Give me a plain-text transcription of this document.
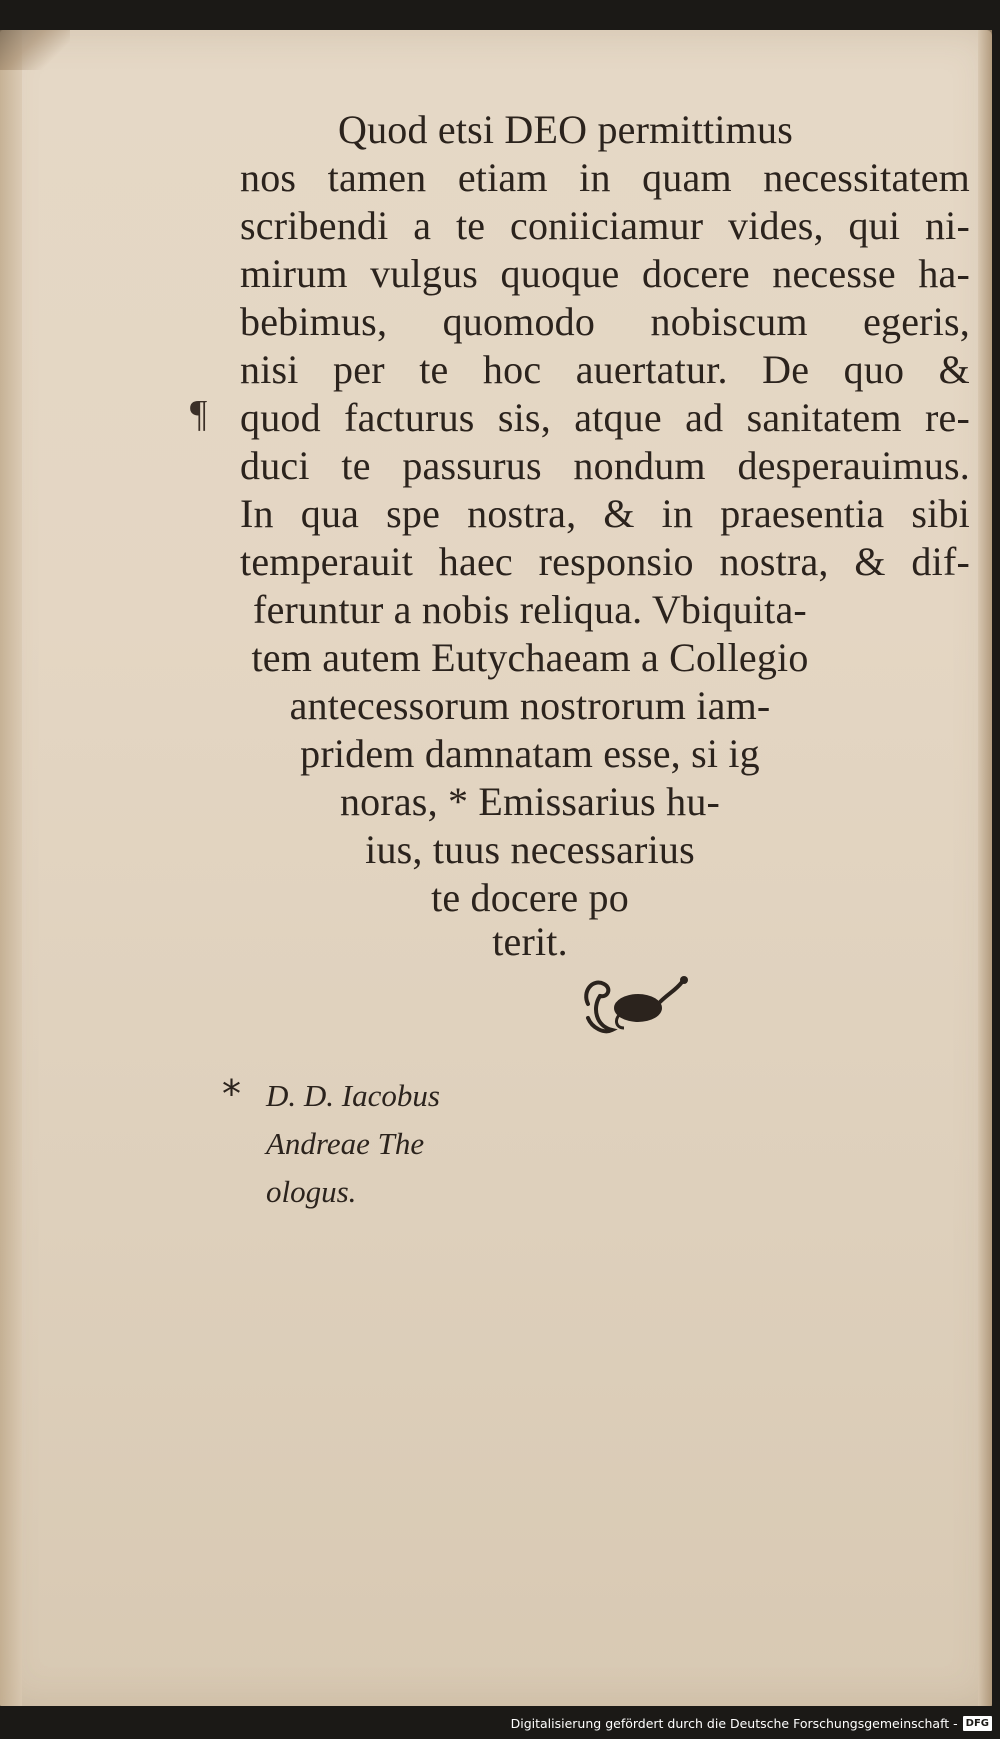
Quod etsi DEO permittimus

nos tamen etiam in quam necessitatem

scribendi a te coniiciamur vides, qui ni-

mirum vulgus quoque docere necesse ha-

bebimus, quomodo nobiscum egeris,

nisi per te hoc auertatur. De quo &

¶ quod facturus sis, atque ad sanitatem re-

duci te passurus nondum desperauimus.

In qua spe nostra, & in praesentia sibi

temperauit haec responsio nostra, & dif-

feruntur a nobis reliqua. Vbiquita-

tem autem Eutychaeam a Collegio

antecessorum nostrorum iam-

pridem damnatam esse, si ig

noras, * Emissarius hu-

ius, tuus necessarius

te docere po

terit.

* D. D. Iacobus

Andreae The

ologus.

Digitalisierung gefördert durch die Deutsche Forschungsgemeinschaft - DFG
